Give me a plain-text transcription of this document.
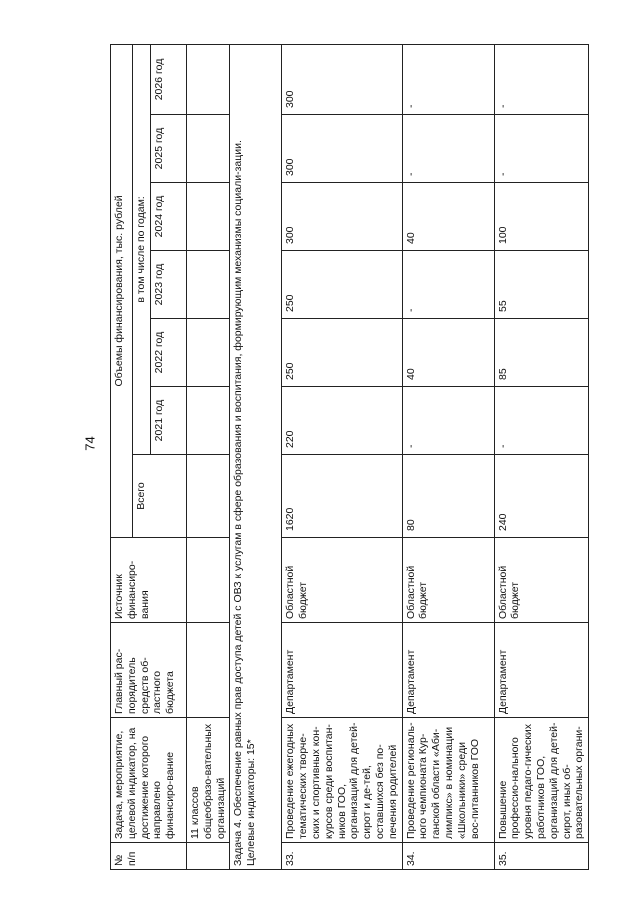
74
№
п/п	Задача, мероприятие, целевой индикатор, на достижение которого направлено финансиро-вание	Главный рас-порядитель средств об-ластного бюджета	Источник финансиро-вания	Объемы финансирования, тыс. рублей						
				Всего	в том числе по годам:					
					2021 год	2022 год	2023 год	2024 год	2025 год	2026 год
	11 классов общеобразо-вательных организаций									
Задача 4. Обеспечение равных прав доступа детей с ОВЗ к услугам в сфере образования и воспитания, формирующим механизмы социали-зации.
Целевые индикаторы: 15*										
33.	Проведение ежегодных тематических творче-ских и спортивных кон-курсов среди воспитан-ников ГОО, организаций для детей-сирот и де-тей, оставшихся без по-печения родителей	Департамент	Областной бюджет	1620	220	250	250	300	300	300
34.	Проведение региональ-ного чемпионата Кур-ганской области «Аби-лимпикс» в номинации «Школьники» среди вос-питанников ГОО	Департамент	Областной бюджет	80	-	40	-	40	-	-
35.	Повышение профессио-нального уровня педаго-гических работников ГОО, организаций для детей-сирот, иных об-разовательных органи-	Департамент	Областной бюджет	240	-	85	55	100	-	-
